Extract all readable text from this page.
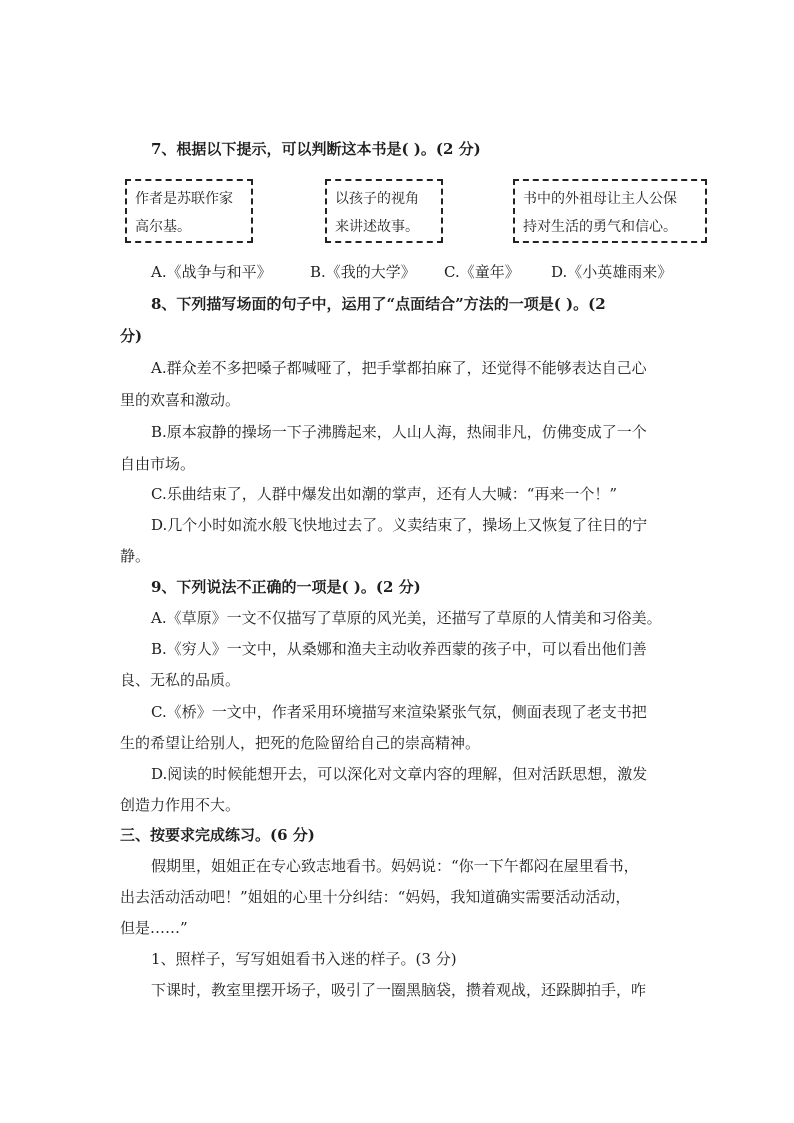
7、根据以下提示，可以判断这本书是( )。(2 分)
作者是苏联作家
高尔基。
以孩子的视角
来讲述故事。
书中的外祖母让主人公保
持对生活的勇气和信心。
A.《战争与和平》	B.《我的大学》 C.《童年》 D.《小英雄雨来》
8、下列描写场面的句子中，运用了“点面结合”方法的一项是( )。(2
分)
A.群众差不多把嗓子都喊哑了，把手掌都拍麻了，还觉得不能够表达自己心
里的欢喜和激动。
B.原本寂静的操场一下子沸腾起来，人山人海，热闹非凡，仿佛变成了一个
自由市场。
C.乐曲结束了，人群中爆发出如潮的掌声，还有人大喊：“再来一个！”
D.几个小时如流水般飞快地过去了。义卖结束了，操场上又恢复了往日的宁
静。
9、下列说法不正确的一项是( )。(2 分)
A.《草原》一文不仅描写了草原的风光美，还描写了草原的人情美和习俗美。
B.《穷人》一文中，从桑娜和渔夫主动收养西蒙的孩子中，可以看出他们善
良、无私的品质。
C.《桥》一文中，作者采用环境描写来渲染紧张气氛，侧面表现了老支书把
生的希望让给别人，把死的危险留给自己的崇高精神。
D.阅读的时候能想开去，可以深化对文章内容的理解，但对活跃思想，激发
创造力作用不大。
三、按要求完成练习。(6 分)
假期里，姐姐正在专心致志地看书。妈妈说：“你一下午都闷在屋里看书，
出去活动活动吧！”姐姐的心里十分纠结：“妈妈，我知道确实需要活动活动，
但是……”
1、照样子，写写姐姐看书入迷的样子。(3 分)
下课时，教室里摆开场子，吸引了一圈黑脑袋，攒着观战，还跺脚拍手，咋
